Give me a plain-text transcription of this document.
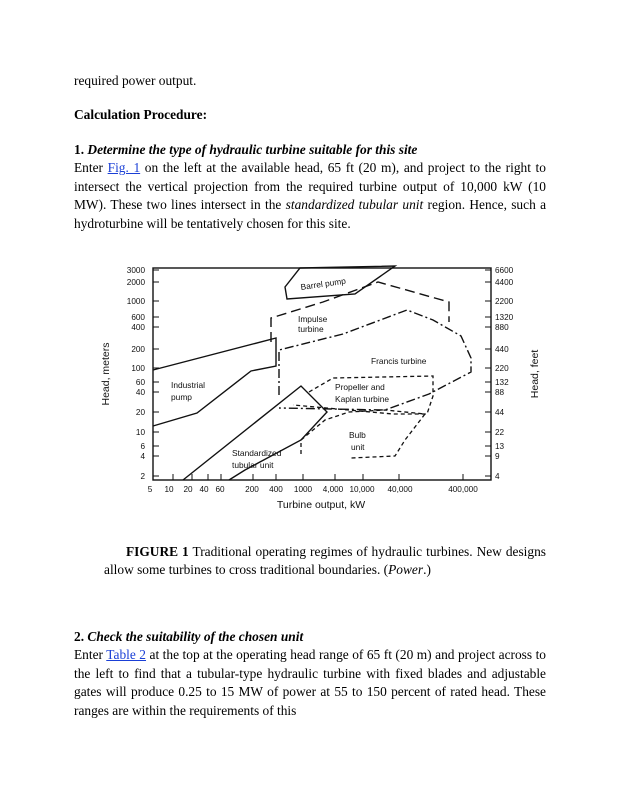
required power output.

Calculation Procedure:

1. Determine the type of hydraulic turbine suitable for this site
Enter Fig. 1 on the left at the available head, 65 ft (20 m), and project to the right to intersect the vertical projection from the required turbine output of 10,000 kW (10 MW). These two lines intersect in the standardized tubular unit region. Hence, such a hydroturbine will be tentatively chosen for this site.

3000
2000
1000
600
400
200
100
60
40
20
10
6
4
2
6600
4400
2200
1320
880
440
220
132
88
44
22
13
9
4
5 10 20 40 60	200 400 1000 4,000 10,000 40,000	400,000
Turbine output, kW
Head, meters	Head, feet
Barrel pump
Impulse
turbine
Francis turbine
Industrial
pump
Propeller and
Kaplan turbine
Bulb
unit
Standardized
tubular unit

FIGURE 1 Traditional operating regimes of hydraulic turbines. New designs allow some turbines to cross traditional boundaries. (Power.)

2. Check the suitability of the chosen unit
Enter Table 2 at the top at the operating head range of 65 ft (20 m) and project across to the left to find that a tubular-type hydraulic turbine with fixed blades and adjustable gates will produce 0.25 to 15 MW of power at 55 to 150 percent of rated head. These ranges are within the requirements of this
